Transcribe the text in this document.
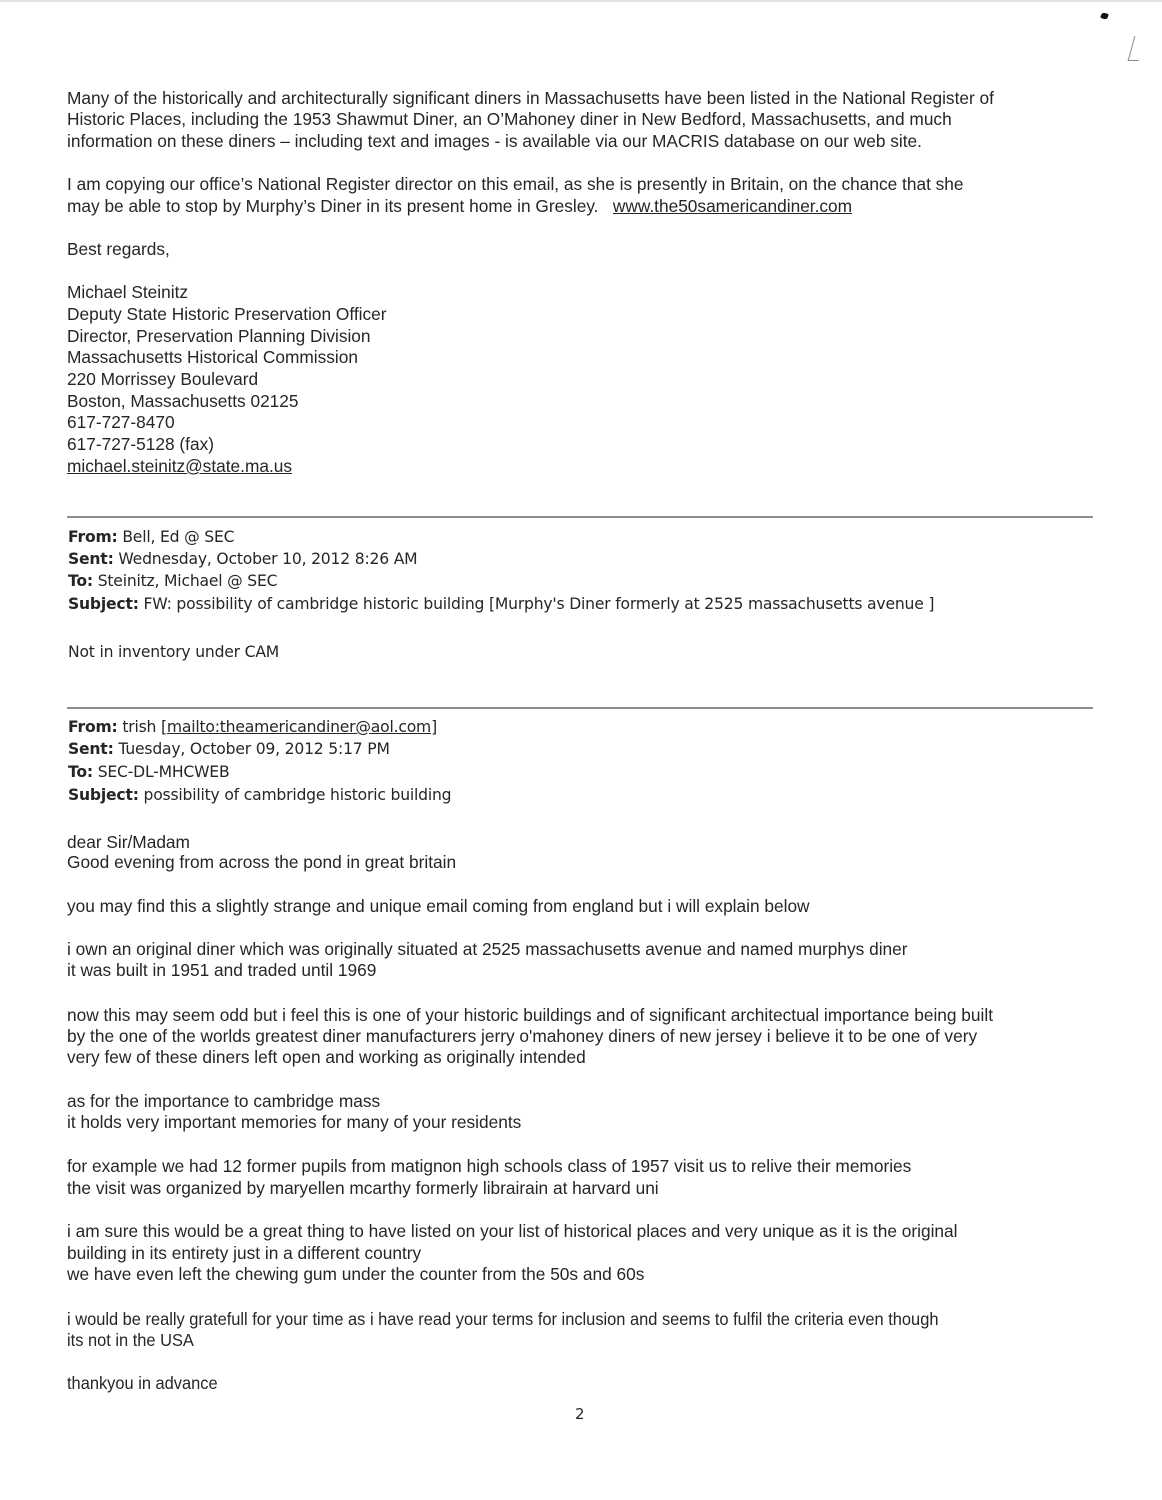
Many of the historically and architecturally significant diners in Massachusetts have been listed in the National Register of
Historic Places, including the 1953 Shawmut Diner, an O’Mahoney diner in New Bedford, Massachusetts, and much
information on these diners – including text and images - is available via our MACRIS database on our web site.
I am copying our office’s National Register director on this email, as she is presently in Britain, on the chance that she
may be able to stop by Murphy’s Diner in its present home in Gresley. www.the50samericandiner.com
Best regards,
Michael Steinitz
Deputy State Historic Preservation Officer
Director, Preservation Planning Division
Massachusetts Historical Commission
220 Morrissey Boulevard
Boston, Massachusetts 02125
617-727-8470
617-727-5128 (fax)
michael.steinitz@state.ma.us
From: Bell, Ed @ SEC
Sent: Wednesday, October 10, 2012 8:26 AM
To: Steinitz, Michael @ SEC
Subject: FW: possibility of cambridge historic building [Murphy's Diner formerly at 2525 massachusetts avenue ]
Not in inventory under CAM
From: trish [mailto:theamericandiner@aol.com]
Sent: Tuesday, October 09, 2012 5:17 PM
To: SEC-DL-MHCWEB
Subject: possibility of cambridge historic building
dear Sir/Madam
Good evening from across the pond in great britain
you may find this a slightly strange and unique email coming from england but i will explain below
i own an original diner which was originally situated at 2525 massachusetts avenue and named murphys diner
it was built in 1951 and traded until 1969
now this may seem odd but i feel this is one of your historic buildings and of significant architectual importance being built
by the one of the worlds greatest diner manufacturers jerry o'mahoney diners of new jersey i believe it to be one of very
very few of these diners left open and working as originally intended
as for the importance to cambridge mass
it holds very important memories for many of your residents
for example we had 12 former pupils from matignon high schools class of 1957 visit us to relive their memories
the visit was organized by maryellen mcarthy formerly librairain at harvard uni
i am sure this would be a great thing to have listed on your list of historical places and very unique as it is the original
building in its entirety just in a different country
we have even left the chewing gum under the counter from the 50s and 60s
i would be really gratefull for your time as i have read your terms for inclusion and seems to fulfil the criteria even though
its not in the USA
thankyou in advance
2
